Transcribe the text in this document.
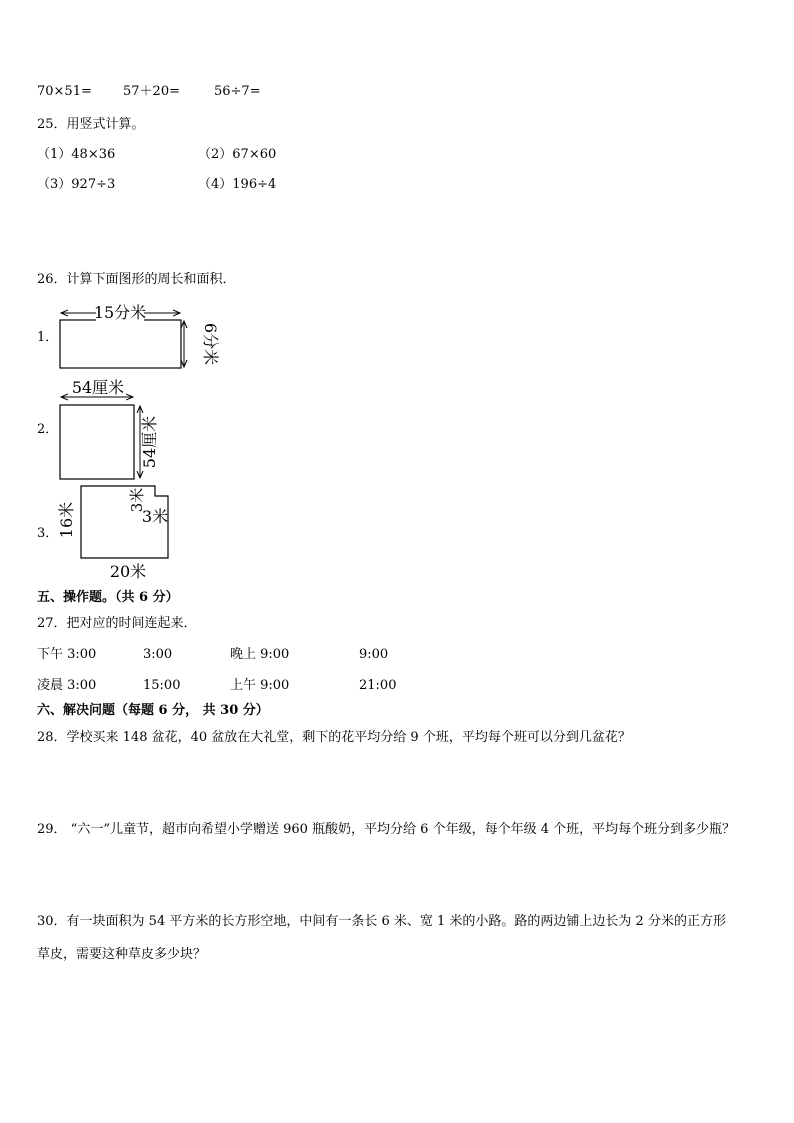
70×51= 57＋20=	56÷7=
25．用竖式计算。
（1）48×36	（2）67×60
（3）927÷3	（4）196÷4
26．计算下面图形的周长和面积．
1．
2．
3．
15分米
6分米
54厘米
54厘米
16米
3米
3米
20米
五、操作题。（共 6 分）
27．把对应的时间连起来．
下午 3:00	3:00	晚上 9:00	9:00
凌晨 3:00	15:00	上午 9:00	21:00
六、解决问题（每题 6 分， 共 30 分）
28．学校买来 148 盆花，40 盆放在大礼堂，剩下的花平均分给 9 个班，平均每个班可以分到几盆花？
29． “六一”儿童节，超市向希望小学赠送 960 瓶酸奶，平均分给 6 个年级，每个年级 4 个班，平均每个班分到多少瓶？
30．有一块面积为 54 平方米的长方形空地，中间有一条长 6 米、宽 1 米的小路。路的两边铺上边长为 2 分米的正方形
草皮，需要这种草皮多少块？
